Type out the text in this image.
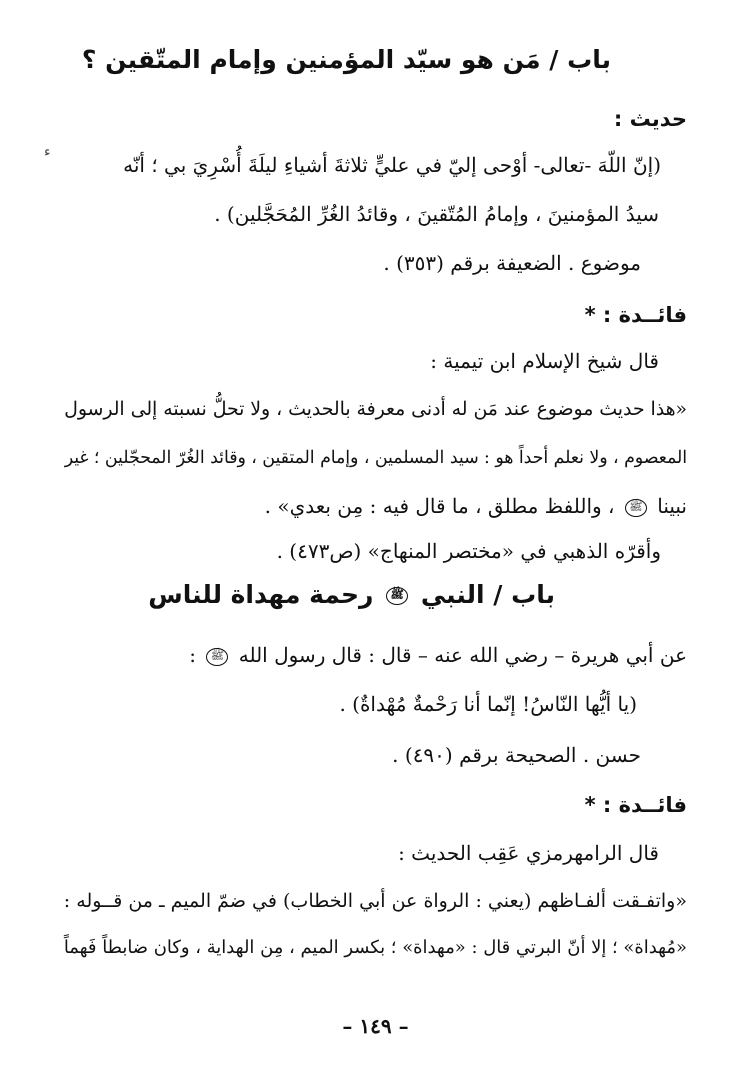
باب / مَن هو سيّد المؤمنين وإمام المتّقين ؟
حديث :
ء
(إنّ اللّهَ -تعالى- أوْحى إليّ في عليٍّ ثلاثةَ أشياءِ ليلَةَ أُسْرِيَ بي ؛ أنّه
سيدُ المؤمنينَ ، وإمامُ المُتّقينَ ، وقائدُ الغُرِّ المُحَجَّلين) .
موضوع . الضعيفة برقم (٣٥٣) .
فائــدة : *
قال شيخ الإسلام ابن تيمية :
«هذا حديث موضوع عند مَن له أدنى معرفة بالحديث ، ولا تحلُّ نسبته إلى الرسول
المعصوم ، ولا نعلم أحداً هو : سيد المسلمين ، وإمام المتقين ، وقائد الغُرّ المحجّلين ؛ غير
نبينا ﷺ ، واللفظ مطلق ، ما قال فيه : مِن بعدي» .
وأقرّه الذهبي في «مختصر المنهاج» (ص٤٧٣) .
باب / النبي ﷺ رحمة مهداة للناس
عن أبي هريرة – رضي الله عنه – قال : قال رسول الله ﷺ :
(يا أيُّها النّاسُ! إنّما أنا رَحْمةٌ مُهْداةٌ) .
حسن . الصحيحة برقم (٤٩٠) .
فائــدة : *
قال الرامهرمزي عَقِب الحديث :
«واتفـقت ألفـاظهم (يعني : الرواة عن أبي الخطاب) في ضمّ الميم ـ من قــوله :
«مُهداة» ؛ إلا أنّ البرتي قال : «مهداة» ؛ بكسر الميم ، مِن الهداية ، وكان ضابطاً فَهماً
– ١٤٩ –
